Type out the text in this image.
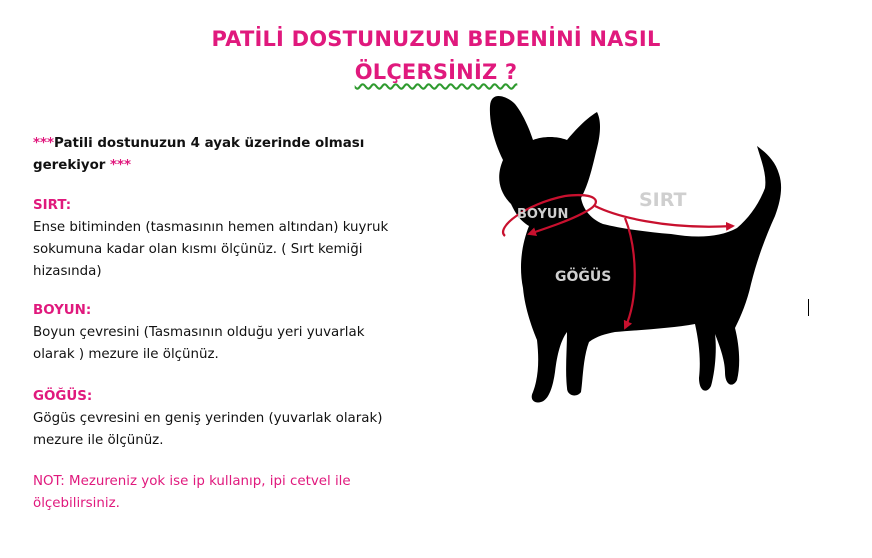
PATİLİ DOSTUNUZUN BEDENİNİ NASIL
ÖLÇERSİNİZ ?
***Patili dostunuzun 4 ayak üzerinde olması
gerekiyor ***
SIRT:
Ense bitiminden (tasmasının hemen altından) kuyruk
sokumuna kadar olan kısmı ölçünüz. ( Sırt kemiği
hizasında)
BOYUN:
Boyun çevresini (Tasmasının olduğu yeri yuvarlak
olarak ) mezure ile ölçünüz.
GÖĞÜS:
Gögüs çevresini en geniş yerinden (yuvarlak olarak)
mezure ile ölçünüz.
NOT: Mezureniz yok ise ip kullanıp, ipi cetvel ile
ölçebilirsiniz.
BOYUN
SIRT
GÖĞÜS
